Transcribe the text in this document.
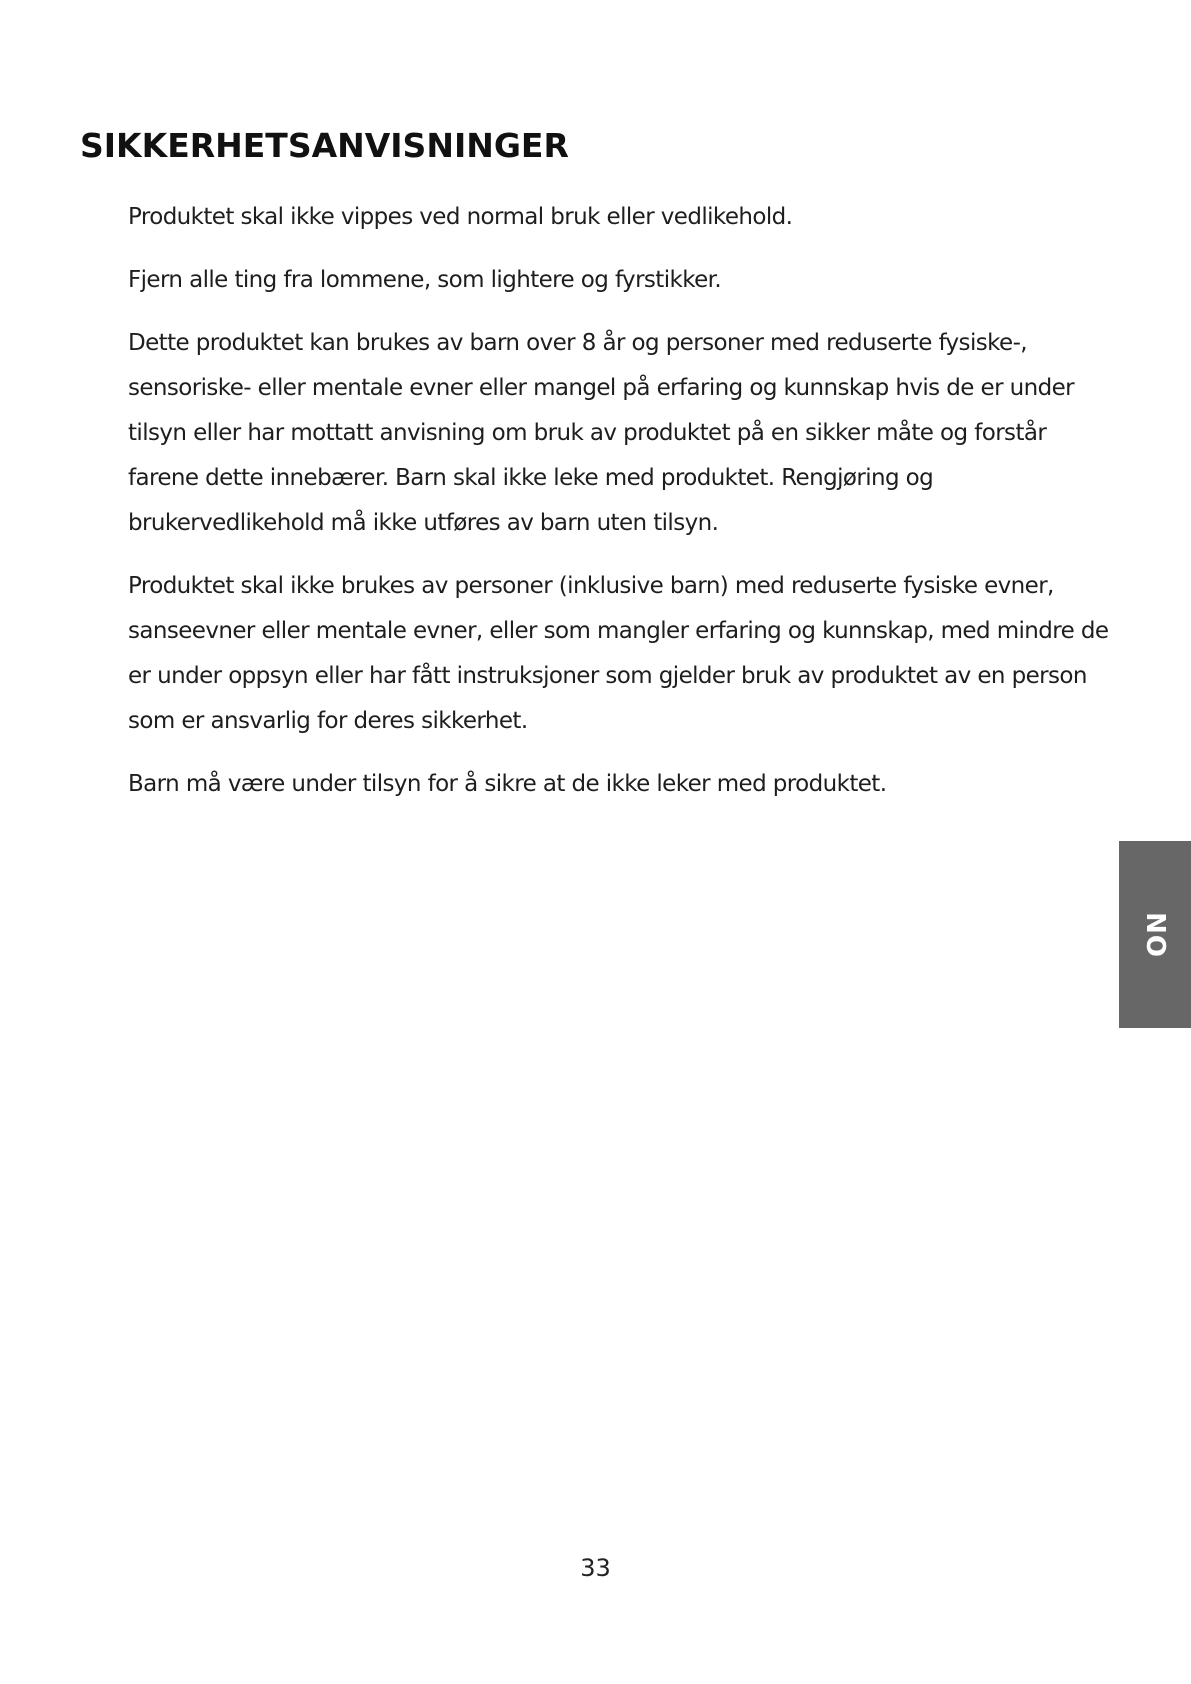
SIKKERHETSANVISNINGER

Produktet skal ikke vippes ved normal bruk eller vedlikehold.

Fjern alle ting fra lommene, som lightere og fyrstikker.

Dette produktet kan brukes av barn over 8 år og personer med reduserte fysiske-, sensoriske- eller mentale evner eller mangel på erfaring og kunnskap hvis de er under tilsyn eller har mottatt anvisning om bruk av produktet på en sikker måte og forstår farene dette innebærer. Barn skal ikke leke med produktet. Rengjøring og brukervedlikehold må ikke utføres av barn uten tilsyn.

Produktet skal ikke brukes av personer (inklusive barn) med reduserte fysiske evner, sanseevner eller mentale evner, eller som mangler erfaring og kunnskap, med mindre de er under oppsyn eller har fått instruksjoner som gjelder bruk av produktet av en person som er ansvarlig for deres sikkerhet.

Barn må være under tilsyn for å sikre at de ikke leker med produktet.

NO
33
